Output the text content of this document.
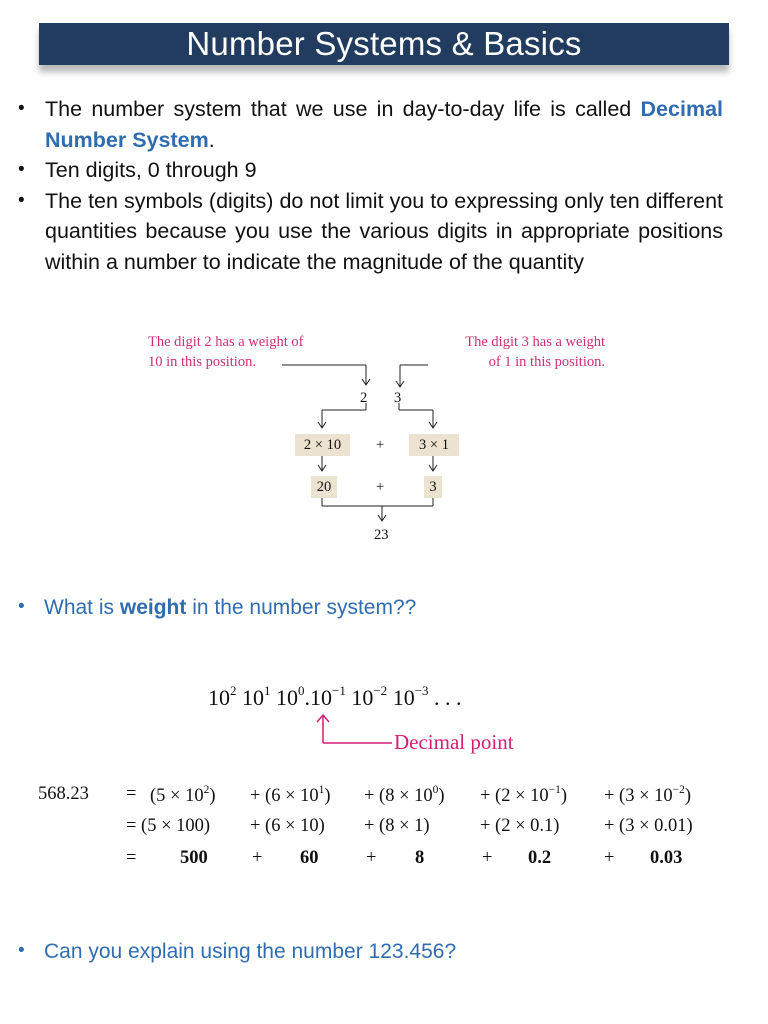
Number Systems & Basics
• The number system that we use in day-to-day life is called Decimal Number System.

• Ten digits, 0 through 9

• The ten symbols (digits) do not limit you to expressing only ten different quantities because you use the various digits in appropriate positions within a number to indicate the magnitude of the quantity

The digit 2 has a weight of
10 in this position.
The digit 3 has a weight
of 1 in this position.
2 3
2 × 10	+	3 × 1
20	+	3
23
• What is weight in the number system??
$10^2$ $10^1$ $10^0.10^{-1}$ $10^{-2}$ $10^{-3}$ . . .
Decimal point
$568.23 = (5 \times 10^2) + (6 \times 10^1) + (8 \times 10^0) + (2 \times 10^{-1}) + (3 \times 10^{-2})$
= (5 × 100) + (6 × 10) + (8 × 1)	+ (2 × 0.1) + (3 × 0.01)
= 500 + 60	+ 8	+ 0.2	+ 0.03
• Can you explain using the number 123.456?
